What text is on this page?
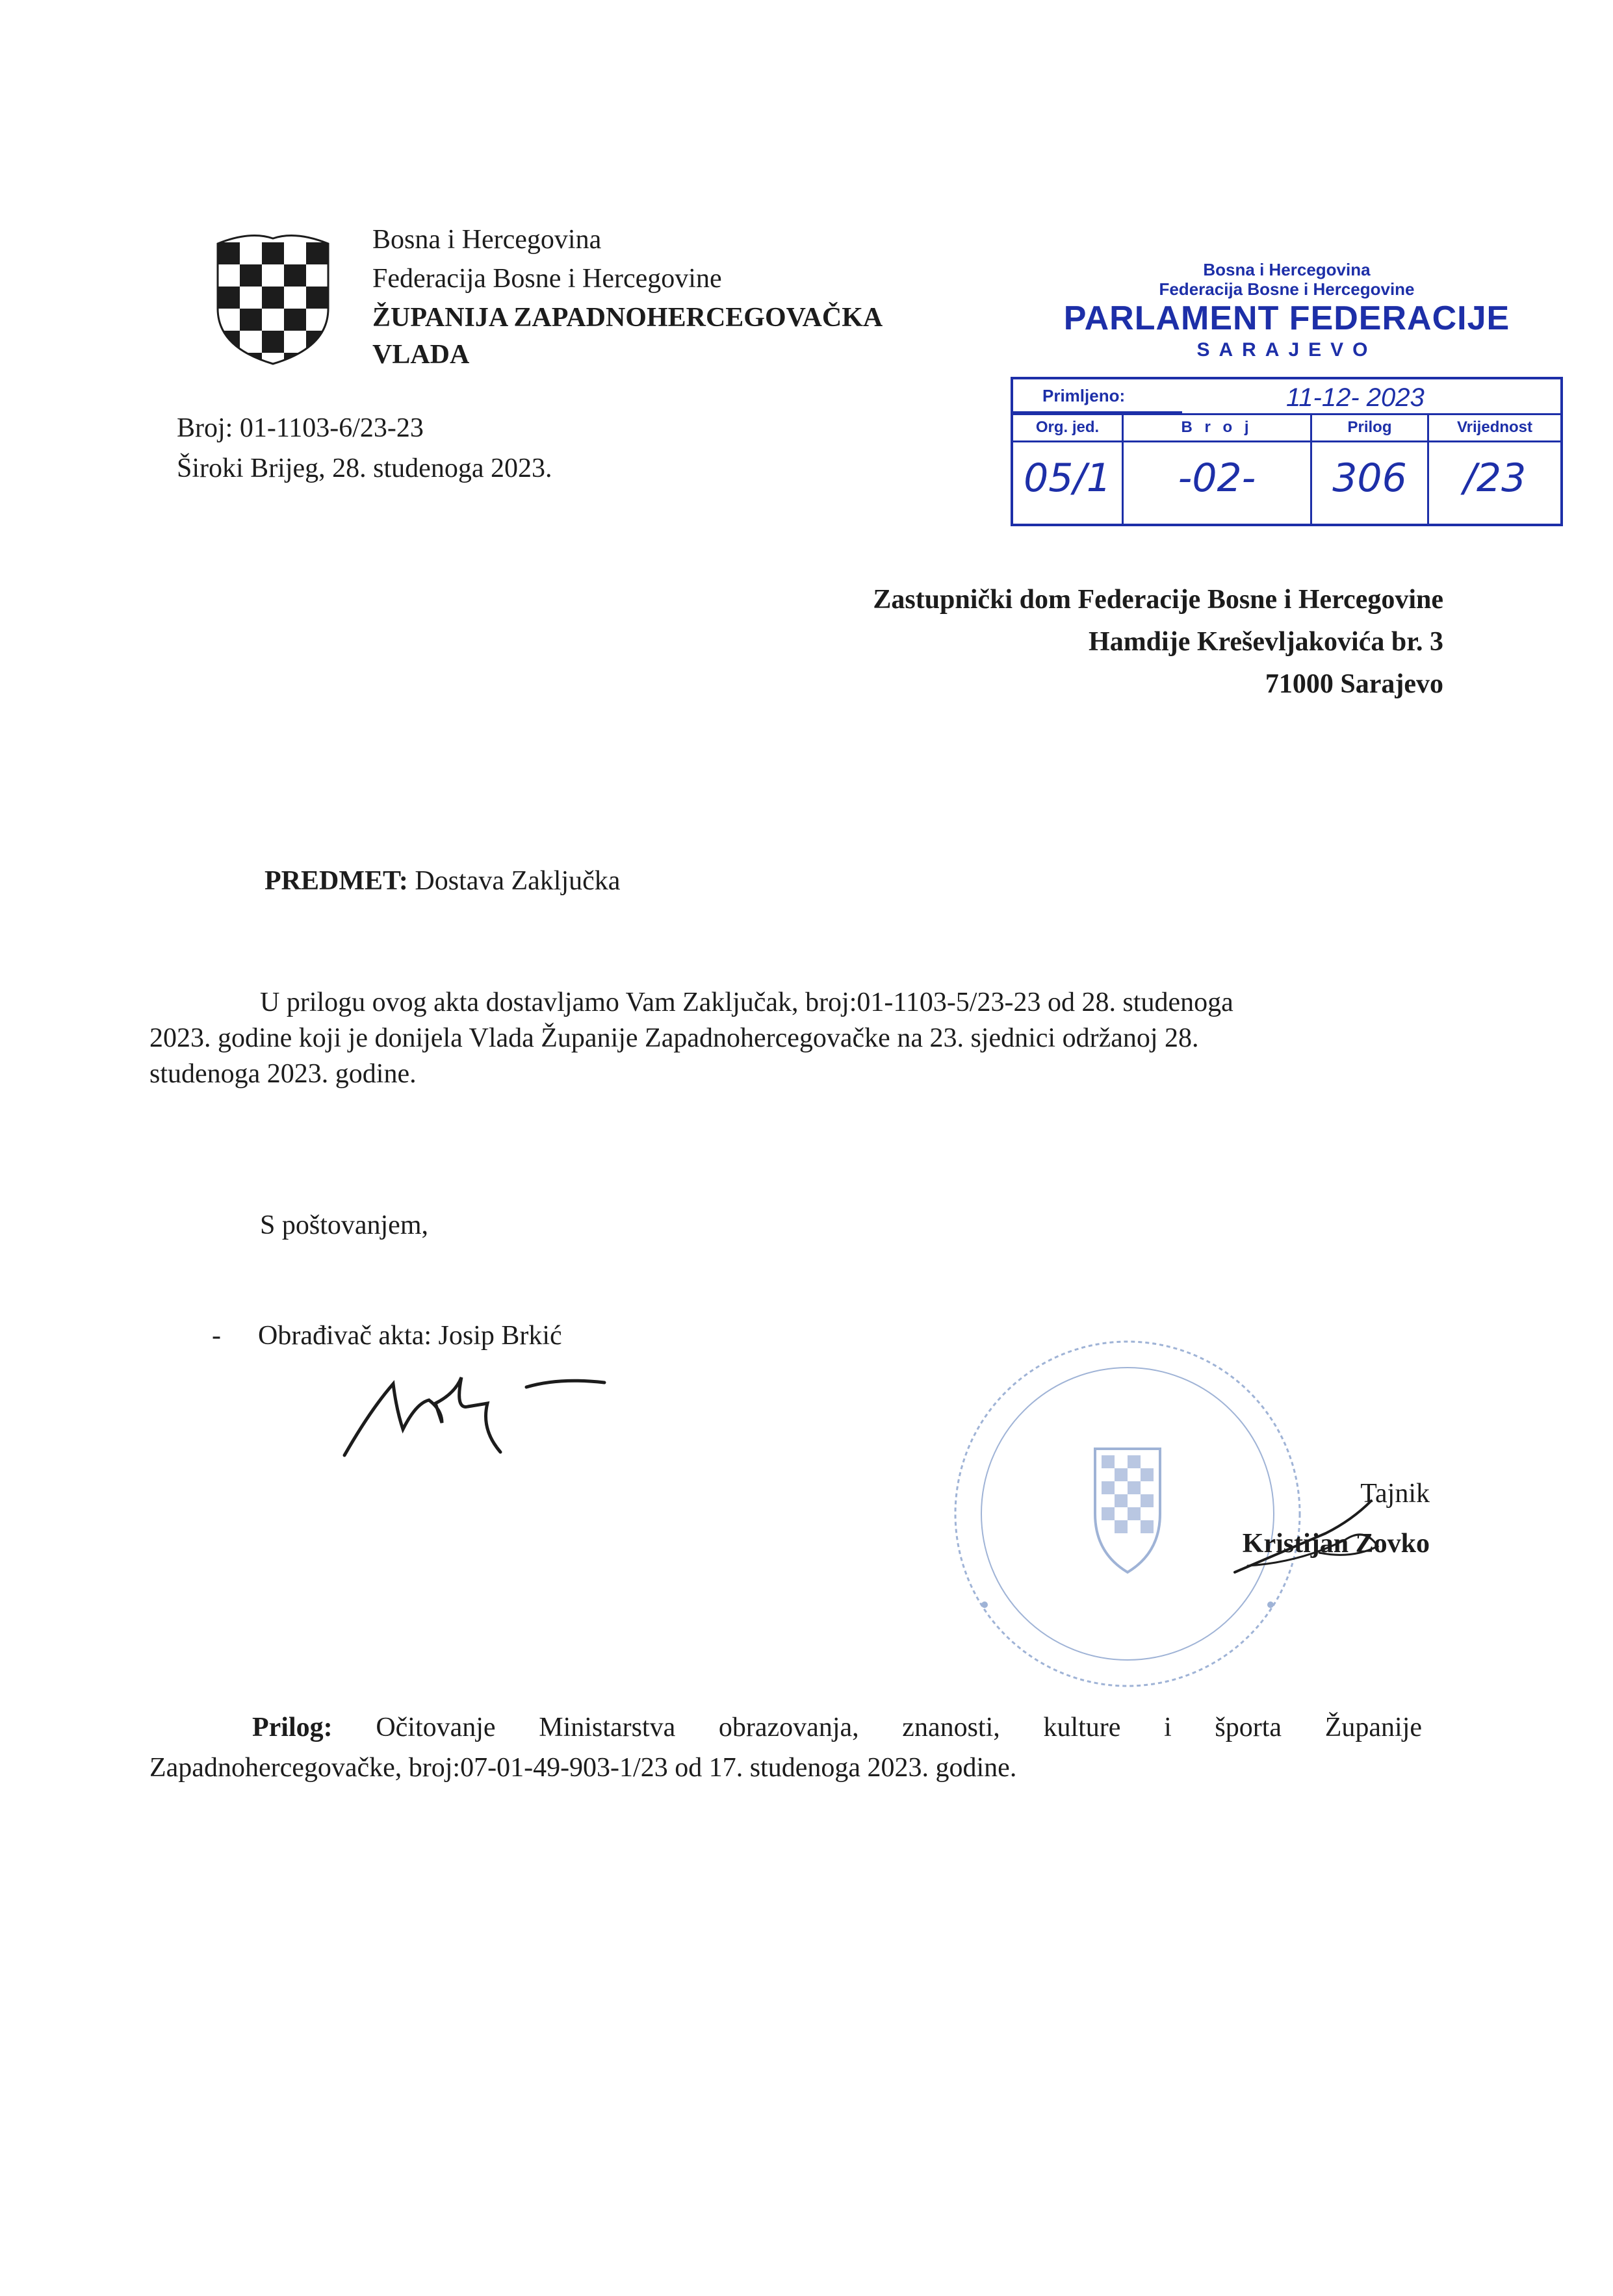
Bosna i Hercegovina
Federacija Bosne i Hercegovine
ŽUPANIJA ZAPADNOHERCEGOVAČKA
VLADA
Broj: 01-1103-6/23-23
Široki Brijeg, 28. studenoga 2023.
Bosna i Hercegovina
Federacija Bosne i Hercegovine
PARLAMENT FEDERACIJE
SARAJEVO
Primljeno:	11-12- 2023
Org. jed.	B r o j	Prilog	Vrijednost
05/1	-02-	306	/23
Zastupnički dom Federacije Bosne i Hercegovine
Hamdije Kreševljakovića br. 3
71000 Sarajevo
PREDMET: Dostava Zaključka
U prilogu ovog akta dostavljamo Vam Zaključak, broj:01-1103-5/23-23 od 28. studenoga
2023. godine koji je donijela Vlada Županije Zapadnohercegovačke na 23. sjednici održanoj 28.
studenoga 2023. godine.
S poštovanjem,
- Obrađivač akta: Josip Brkić
Tajnik
Kristijan Zovko
Prilog: Očitovanje Ministarstva obrazovanja, znanosti, kulture i športa Županije
Zapadnohercegovačke, broj:07-01-49-903-1/23 od 17. studenoga 2023. godine.
